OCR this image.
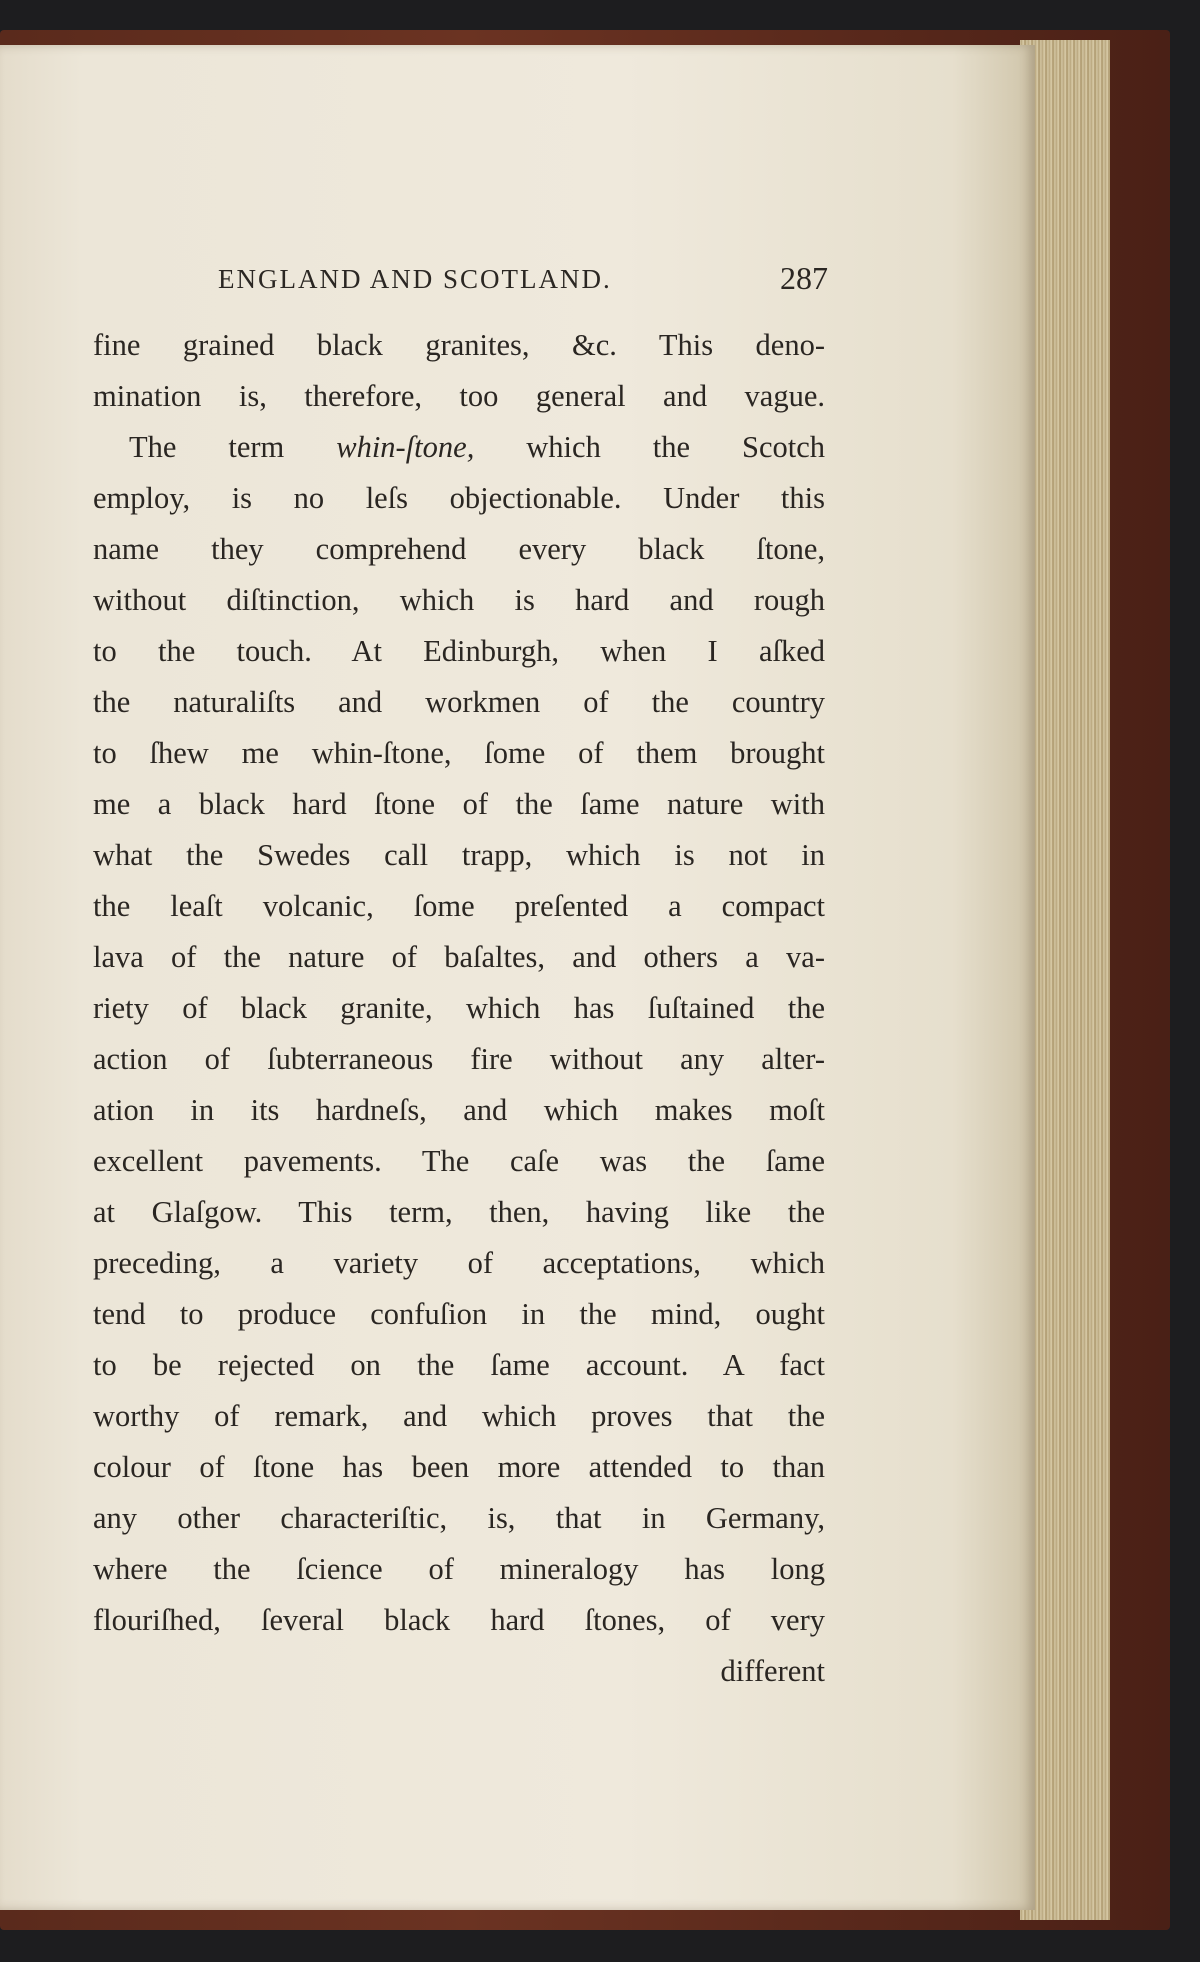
ENGLAND AND SCOTLAND.	287
fine grained black granites, &c. This deno-
mination is, therefore, too general and vague.
The term whin-ſtone, which the Scotch
employ, is no leſs objectionable. Under this
name they comprehend every black ſtone,
without diſtinction, which is hard and rough
to the touch. At Edinburgh, when I aſked
the naturaliſts and workmen of the country
to ſhew me whin-ſtone, ſome of them brought
me a black hard ſtone of the ſame nature with
what the Swedes call trapp, which is not in
the leaſt volcanic, ſome preſented a compact
lava of the nature of baſaltes, and others a va-
riety of black granite, which has ſuſtained the
action of ſubterraneous fire without any alter-
ation in its hardneſs, and which makes moſt
excellent pavements. The caſe was the ſame
at Glaſgow. This term, then, having like the
preceding, a variety of acceptations, which
tend to produce confuſion in the mind, ought
to be rejected on the ſame account. A fact
worthy of remark, and which proves that the
colour of ſtone has been more attended to than
any other characteriſtic, is, that in Germany,
where the ſcience of mineralogy has long
flouriſhed, ſeveral black hard ſtones, of very
different
